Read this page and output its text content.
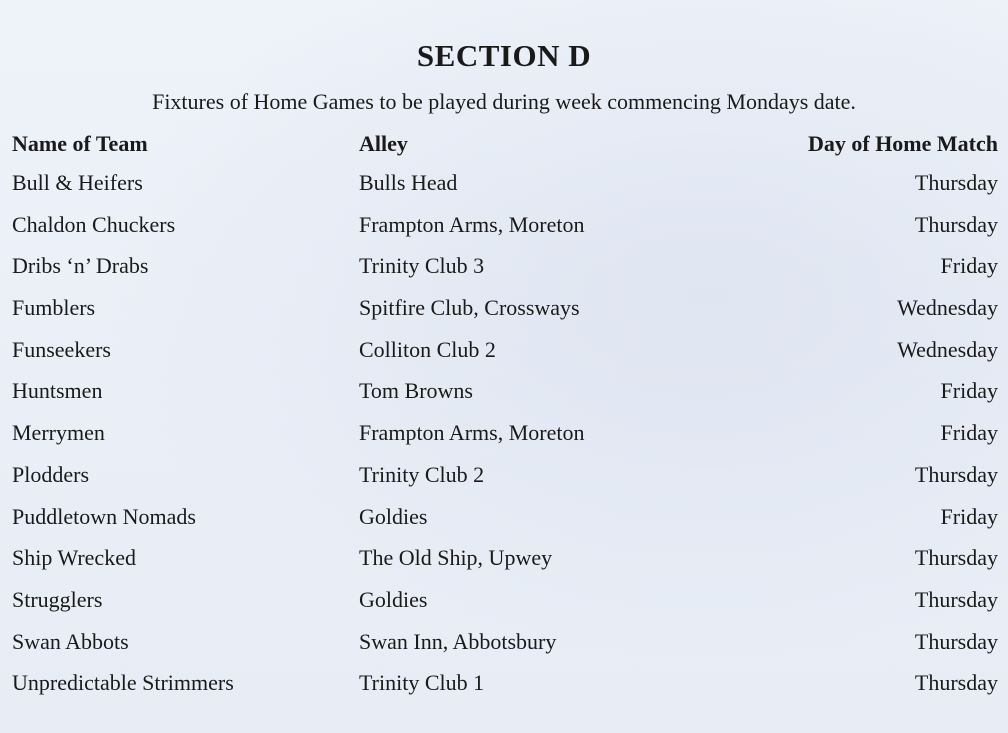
SECTION D
Fixtures of Home Games to be played during week commencing Mondays date.
Name of Team	Alley	Day of Home Match
Bull & Heifers	Bulls Head	Thursday
Chaldon Chuckers	Frampton Arms, Moreton	Thursday
Dribs ‘n’ Drabs	Trinity Club 3	Friday
Fumblers	Spitfire Club, Crossways	Wednesday
Funseekers	Colliton Club 2	Wednesday
Huntsmen	Tom Browns	Friday
Merrymen	Frampton Arms, Moreton	Friday
Plodders	Trinity Club 2	Thursday
Puddletown Nomads	Goldies	Friday
Ship Wrecked	The Old Ship, Upwey	Thursday
Strugglers	Goldies	Thursday
Swan Abbots	Swan Inn, Abbotsbury	Thursday
Unpredictable Strimmers	Trinity Club 1	Thursday
